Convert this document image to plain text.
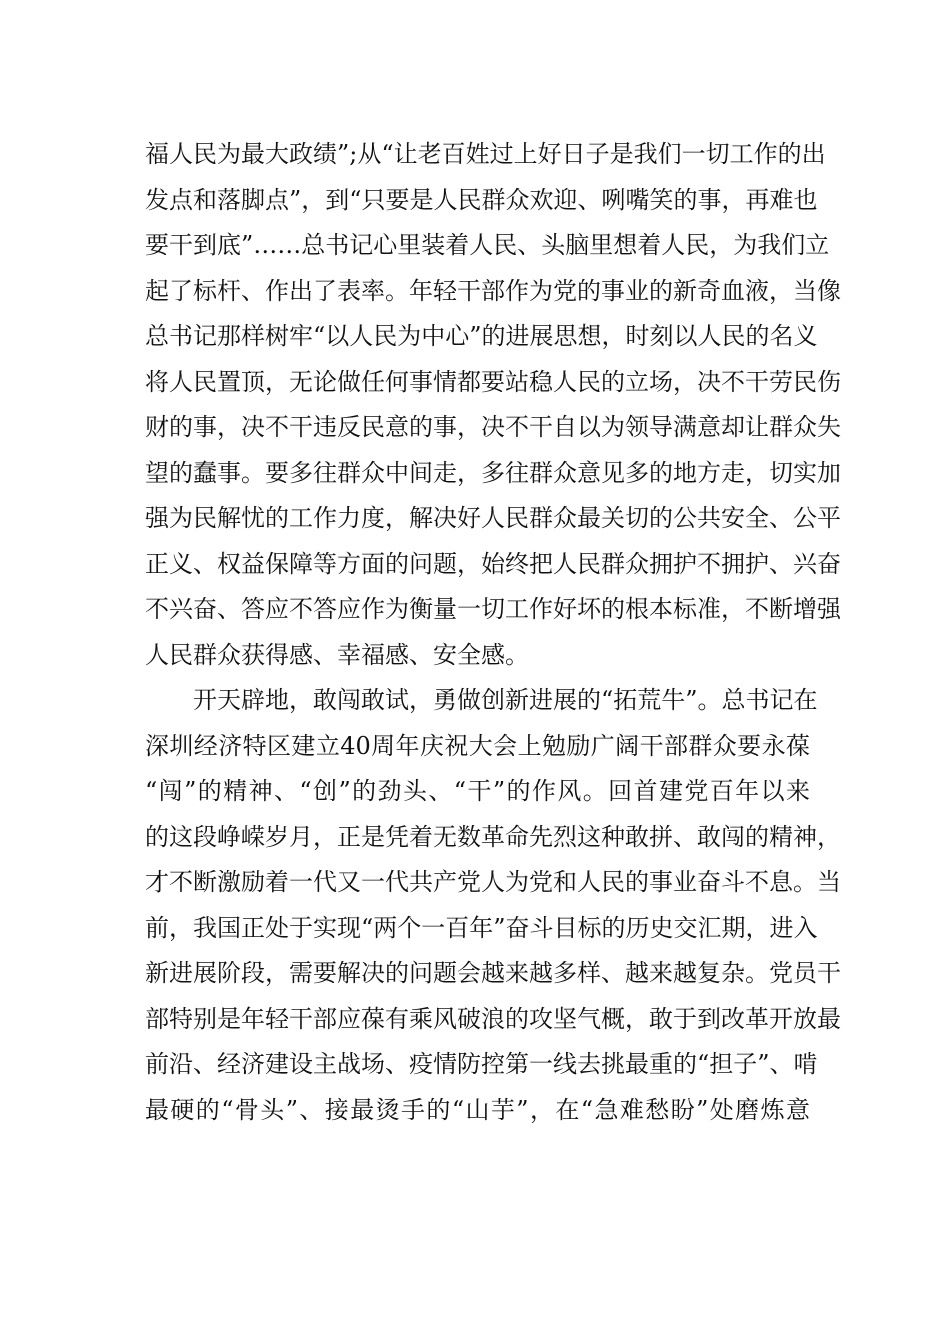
福人民为最大政绩”;从“让老百姓过上好日子是我们一切工作的出
发点和落脚点”，到“只要是人民群众欢迎、咧嘴笑的事，再难也
要干到底”……总书记心里装着人民、头脑里想着人民，为我们立
起了标杆、作出了表率。年轻干部作为党的事业的新奇血液，当像
总书记那样树牢“以人民为中心”的进展思想，时刻以人民的名义
将人民置顶，无论做任何事情都要站稳人民的立场，决不干劳民伤
财的事，决不干违反民意的事，决不干自以为领导满意却让群众失
望的蠢事。要多往群众中间走，多往群众意见多的地方走，切实加
强为民解忧的工作力度，解决好人民群众最关切的公共安全、公平
正义、权益保障等方面的问题，始终把人民群众拥护不拥护、兴奋
不兴奋、答应不答应作为衡量一切工作好坏的根本标准，不断增强
人民群众获得感、幸福感、安全感。
开天辟地，敢闯敢试，勇做创新进展的“拓荒牛”。总书记在
深圳经济特区建立40周年庆祝大会上勉励广阔干部群众要永葆
“闯”的精神、“创”的劲头、“干”的作风。回首建党百年以来
的这段峥嵘岁月，正是凭着无数革命先烈这种敢拼、敢闯的精神，
才不断激励着一代又一代共产党人为党和人民的事业奋斗不息。当
前，我国正处于实现“两个一百年”奋斗目标的历史交汇期，进入
新进展阶段，需要解决的问题会越来越多样、越来越复杂。党员干
部特别是年轻干部应葆有乘风破浪的攻坚气概，敢于到改革开放最
前沿、经济建设主战场、疫情防控第一线去挑最重的“担子”、啃
最硬的“骨头”、接最烫手的“山芋”，在“急难愁盼”处磨炼意
